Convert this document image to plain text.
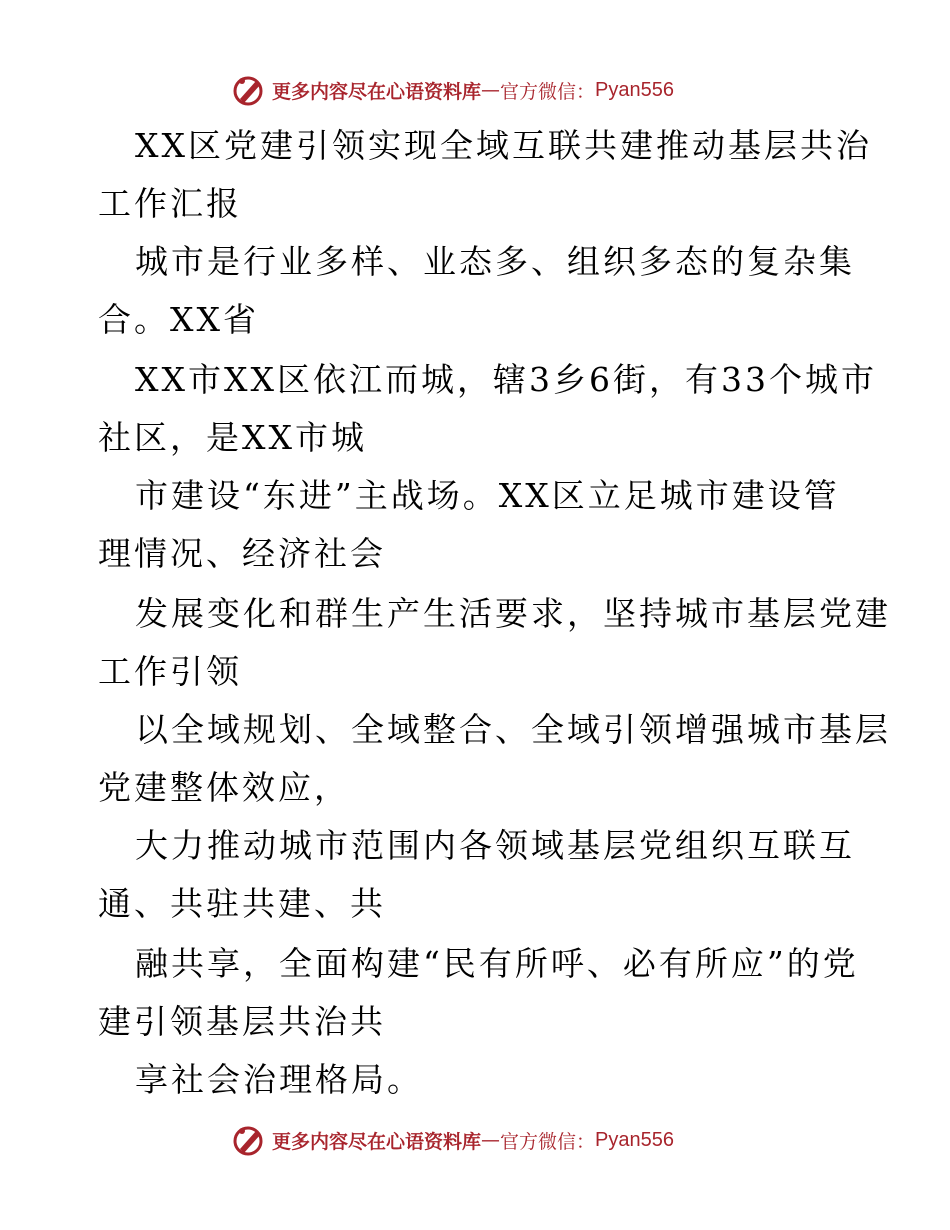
更多内容尽在心语资料库 — 官方微信： Pyan556
XX区党建引领实现全域互联共建推动基层共治
工作汇报
城市是行业多样、业态多、组织多态的复杂集
合。XX省
XX市XX区依江而城，辖3乡6街，有33个城市
社区，是XX市城
市建设“东进”主战场。XX区立足城市建设管
理情况、经济社会
发展变化和群生产生活要求，坚持城市基层党建
工作引领
以全域规划、全域整合、全域引领增强城市基层
党建整体效应，
大力推动城市范围内各领域基层党组织互联互
通、共驻共建、共
融共享，全面构建“民有所呼、必有所应”的党
建引领基层共治共
享社会治理格局。
更多内容尽在心语资料库 — 官方微信： Pyan556
